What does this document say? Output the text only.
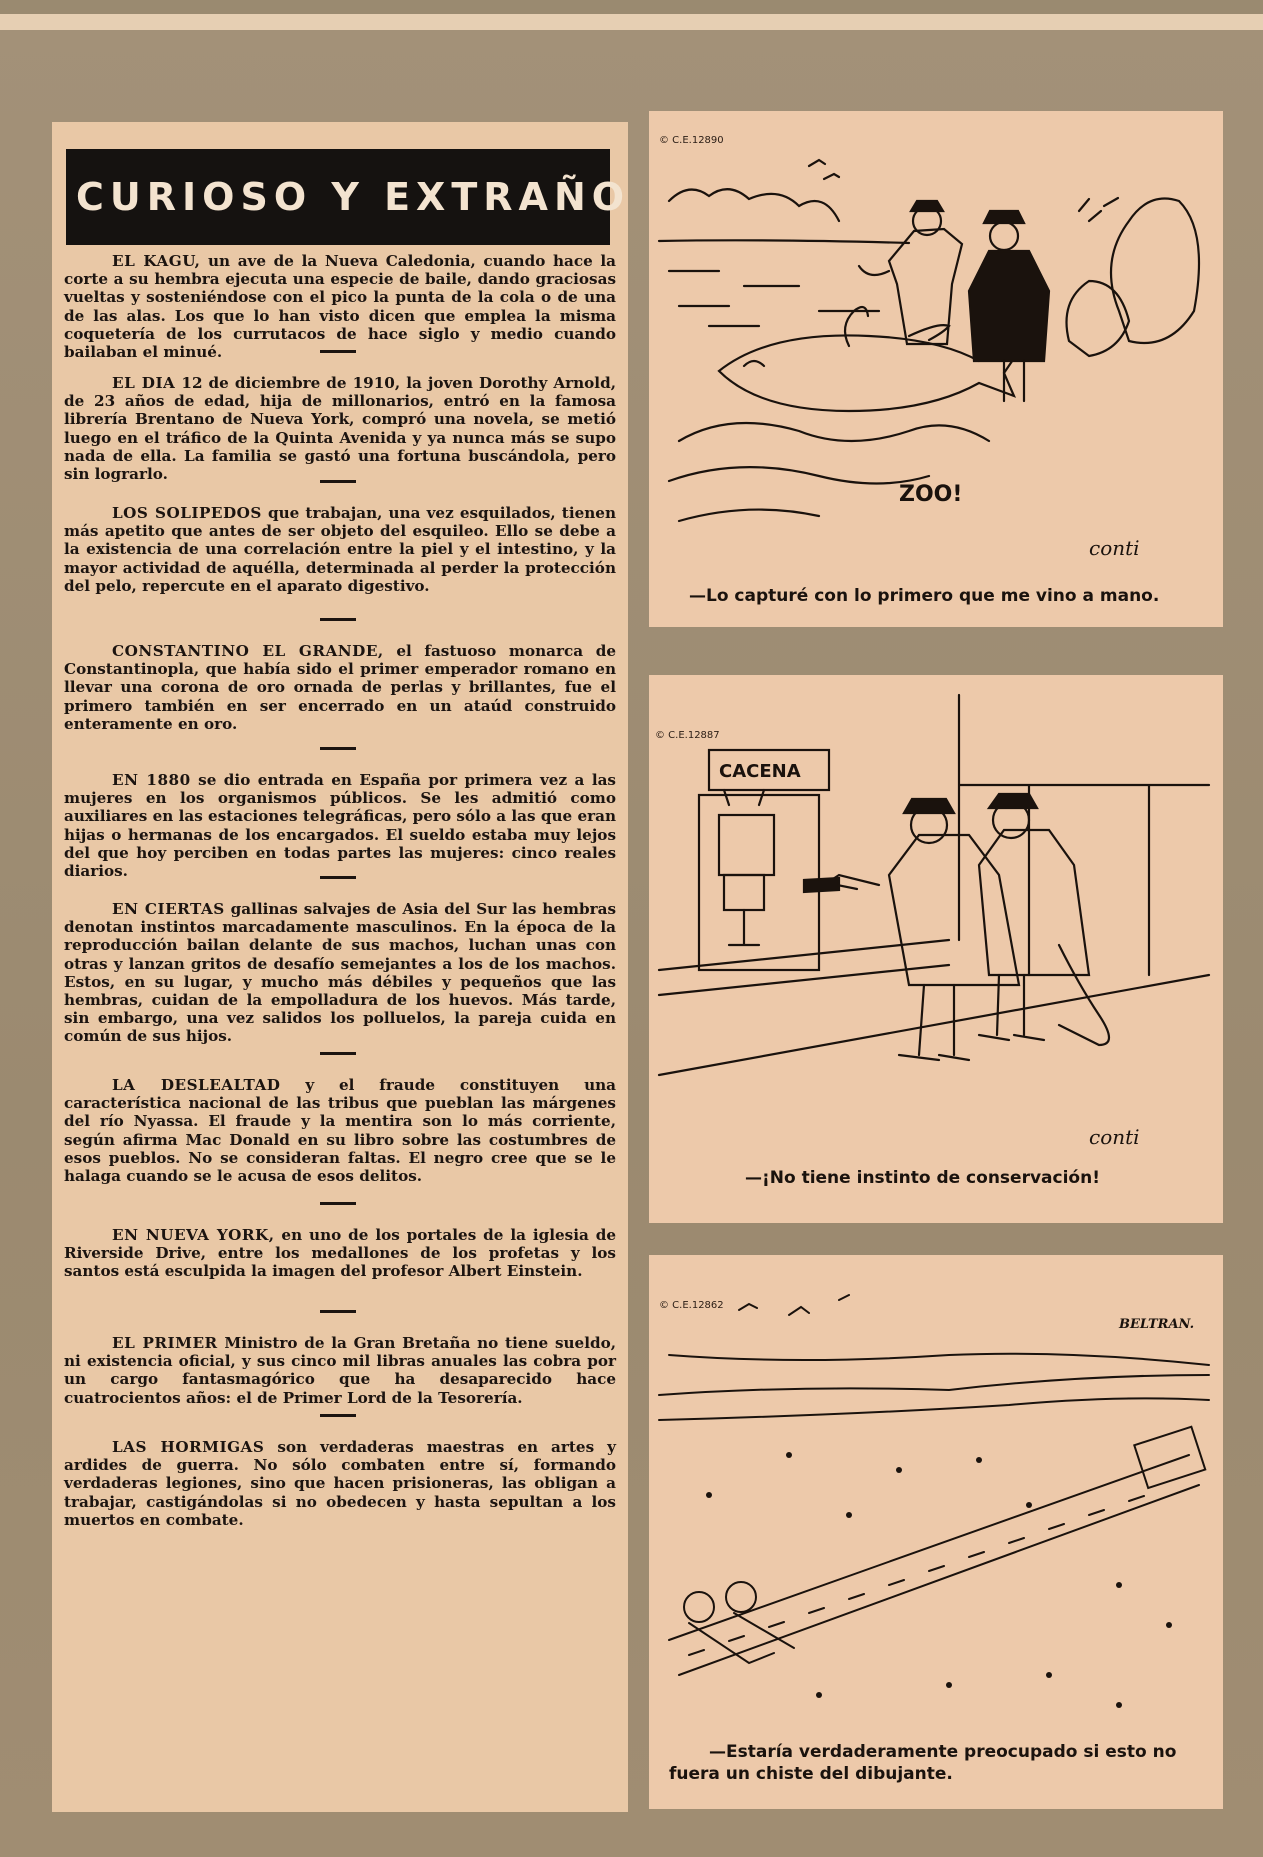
CURIOSO Y EXTRAÑO

EL KAGU, un ave de la Nueva Caledonia, cuando hace la corte a su hembra ejecuta una especie de baile, dando graciosas vueltas y sosteniéndose con el pico la punta de la cola o de una de las alas. Los que lo han visto dicen que emplea la misma coquetería de los currutacos de hace siglo y medio cuando bailaban el minué.

EL DIA 12 de diciembre de 1910, la joven Dorothy Arnold, de 23 años de edad, hija de millonarios, entró en la famosa librería Brentano de Nueva York, compró una novela, se metió luego en el tráfico de la Quinta Avenida y ya nunca más se supo nada de ella. La familia se gastó una fortuna buscándola, pero sin lograrlo.

LOS SOLIPEDOS que trabajan, una vez esquilados, tienen más apetito que antes de ser objeto del esquileo. Ello se debe a la existencia de una correlación entre la piel y el intestino, y la mayor actividad de aquélla, determinada al perder la protección del pelo, repercute en el aparato digestivo.

CONSTANTINO EL GRANDE, el fastuoso monarca de Constantinopla, que había sido el primer emperador romano en llevar una corona de oro ornada de perlas y brillantes, fue el primero también en ser encerrado en un ataúd construido enteramente en oro.

EN 1880 se dio entrada en España por primera vez a las mujeres en los organismos públicos. Se les admitió como auxiliares en las estaciones telegráficas, pero sólo a las que eran hijas o hermanas de los encargados. El sueldo estaba muy lejos del que hoy perciben en todas partes las mujeres: cinco reales diarios.

EN CIERTAS gallinas salvajes de Asia del Sur las hembras denotan instintos marcadamente masculinos. En la época de la reproducción bailan delante de sus machos, luchan unas con otras y lanzan gritos de desafío semejantes a los de los machos. Estos, en su lugar, y mucho más débiles y pequeños que las hembras, cuidan de la empolladura de los huevos. Más tarde, sin embargo, una vez salidos los polluelos, la pareja cuida en común de sus hijos.

LA DESLEALTAD y el fraude constituyen una característica nacional de las tribus que pueblan las márgenes del río Nyassa. El fraude y la mentira son lo más corriente, según afirma Mac Donald en su libro sobre las costumbres de esos pueblos. No se consideran faltas. El negro cree que se le halaga cuando se le acusa de esos delitos.

EN NUEVA YORK, en uno de los portales de la iglesia de Riverside Drive, entre los medallones de los profetas y los santos está esculpida la imagen del profesor Albert Einstein.

EL PRIMER Ministro de la Gran Bretaña no tiene sueldo, ni existencia oficial, y sus cinco mil libras anuales las cobra por un cargo fantasmagórico que ha desaparecido hace cuatrocientos años: el de Primer Lord de la Tesorería.

LAS HORMIGAS son verdaderas maestras en artes y ardides de guerra. No sólo combaten entre sí, formando verdaderas legiones, sino que hacen prisioneras, las obligan a trabajar, castigándolas si no obedecen y hasta sepultan a los muertos en combate.

ZOO!
© C.E.12890
conti
—Lo capturé con lo primero que me vino a mano.
CACENA
© C.E.12887
conti
—¡No tiene instinto de conservación!
© C.E.12862
BELTRAN.
—Estaría verdaderamente preocupado si esto no fuera un chiste del dibujante.
